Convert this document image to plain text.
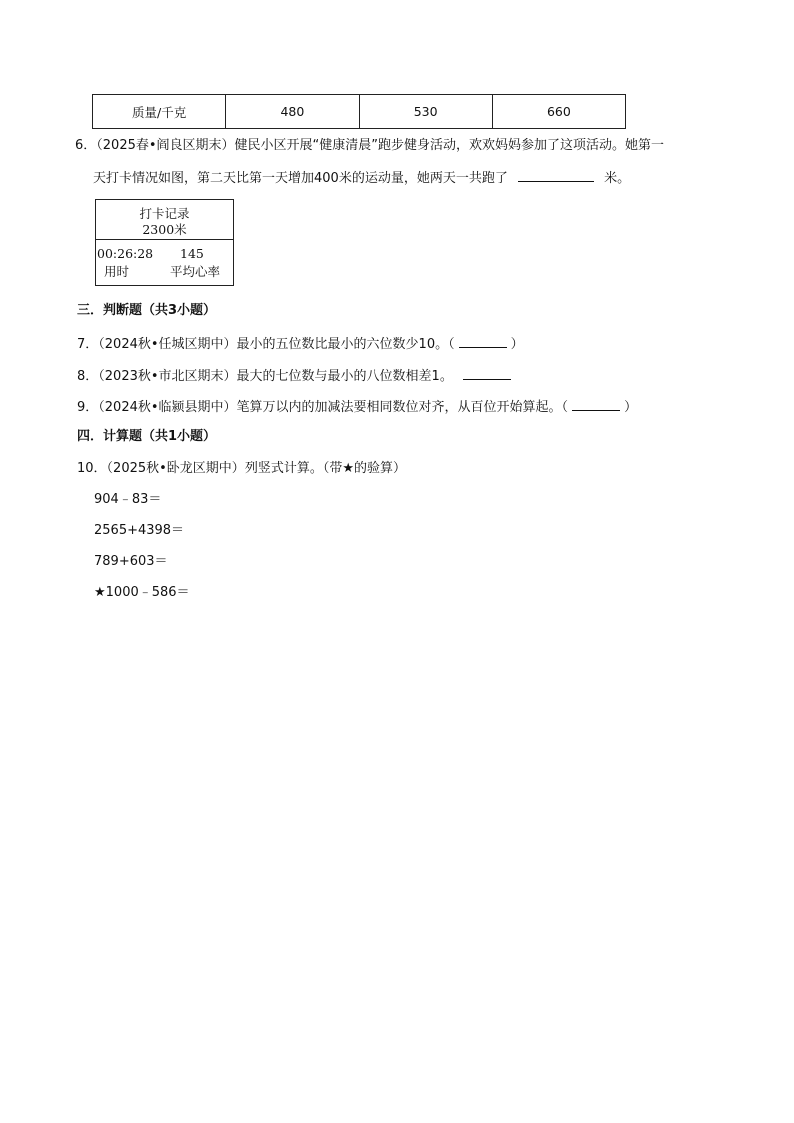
质量/千克	480	530	660
6．（2025春•阎良区期末）健民小区开展“健康清晨”跑步健身活动，欢欢妈妈参加了这项活动。她第一
天打卡情况如图，第二天比第一天增加400米的运动量，她两天一共跑了	米。
打卡记录
2300米
00:26:28
用时
145
平均心率
三．判断题（共3小题）
7．（2024秋•任城区期中）最小的五位数比最小的六位数少10。（	）
8．（2023秋•市北区期末）最大的七位数与最小的八位数相差1。
9．（2024秋•临颍县期中）笔算万以内的加减法要相同数位对齐，从百位开始算起。（	）
四．计算题（共1小题）
10．（2025秋•卧龙区期中）列竖式计算。（带★的验算）
904﹣83＝
2565+4398＝
789+603＝
★1000﹣586＝
